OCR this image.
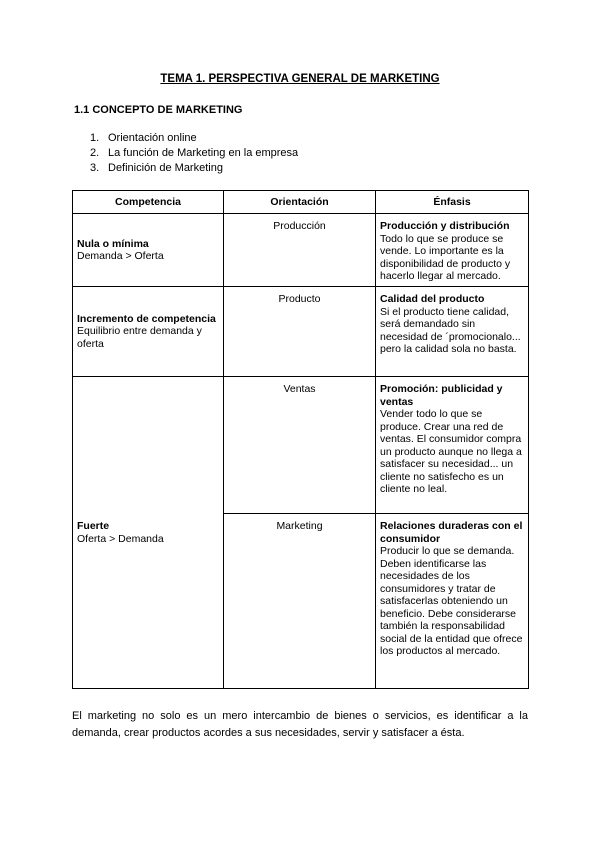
TEMA 1. PERSPECTIVA GENERAL DE MARKETING
1.1 CONCEPTO DE MARKETING
1. Orientación online
2. La función de Marketing en la empresa
3. Definición de Marketing
Competencia	Orientación	Énfasis

Nula o mínima
Demanda > Oferta	Producción	Producción y distribución
Todo lo que se produce se vende. Lo importante es la disponibilidad de producto y hacerlo llegar al mercado.

Incremento de competencia
Equilibrio entre demanda y oferta	Producto	Calidad del producto
Si el producto tiene calidad, será demandado sin necesidad de ´promocionalo... pero la calidad sola no basta.

Fuerte
Oferta > Demanda	Ventas	Promoción: publicidad y ventas
Vender todo lo que se produce. Crear una red de ventas. El consumidor compra un producto aunque no llega a satisfacer su necesidad... un cliente no satisfecho es un cliente no leal.
	Marketing	Relaciones duraderas con el consumidor
Producir lo que se demanda. Deben identificarse las necesidades de los consumidores y tratar de satisfacerlas obteniendo un beneficio. Debe considerarse también la responsabilidad social de la entidad que ofrece los productos al mercado.

El marketing no solo es un mero intercambio de bienes o servicios, es identificar a la demanda, crear productos acordes a sus necesidades, servir y satisfacer a ésta.
